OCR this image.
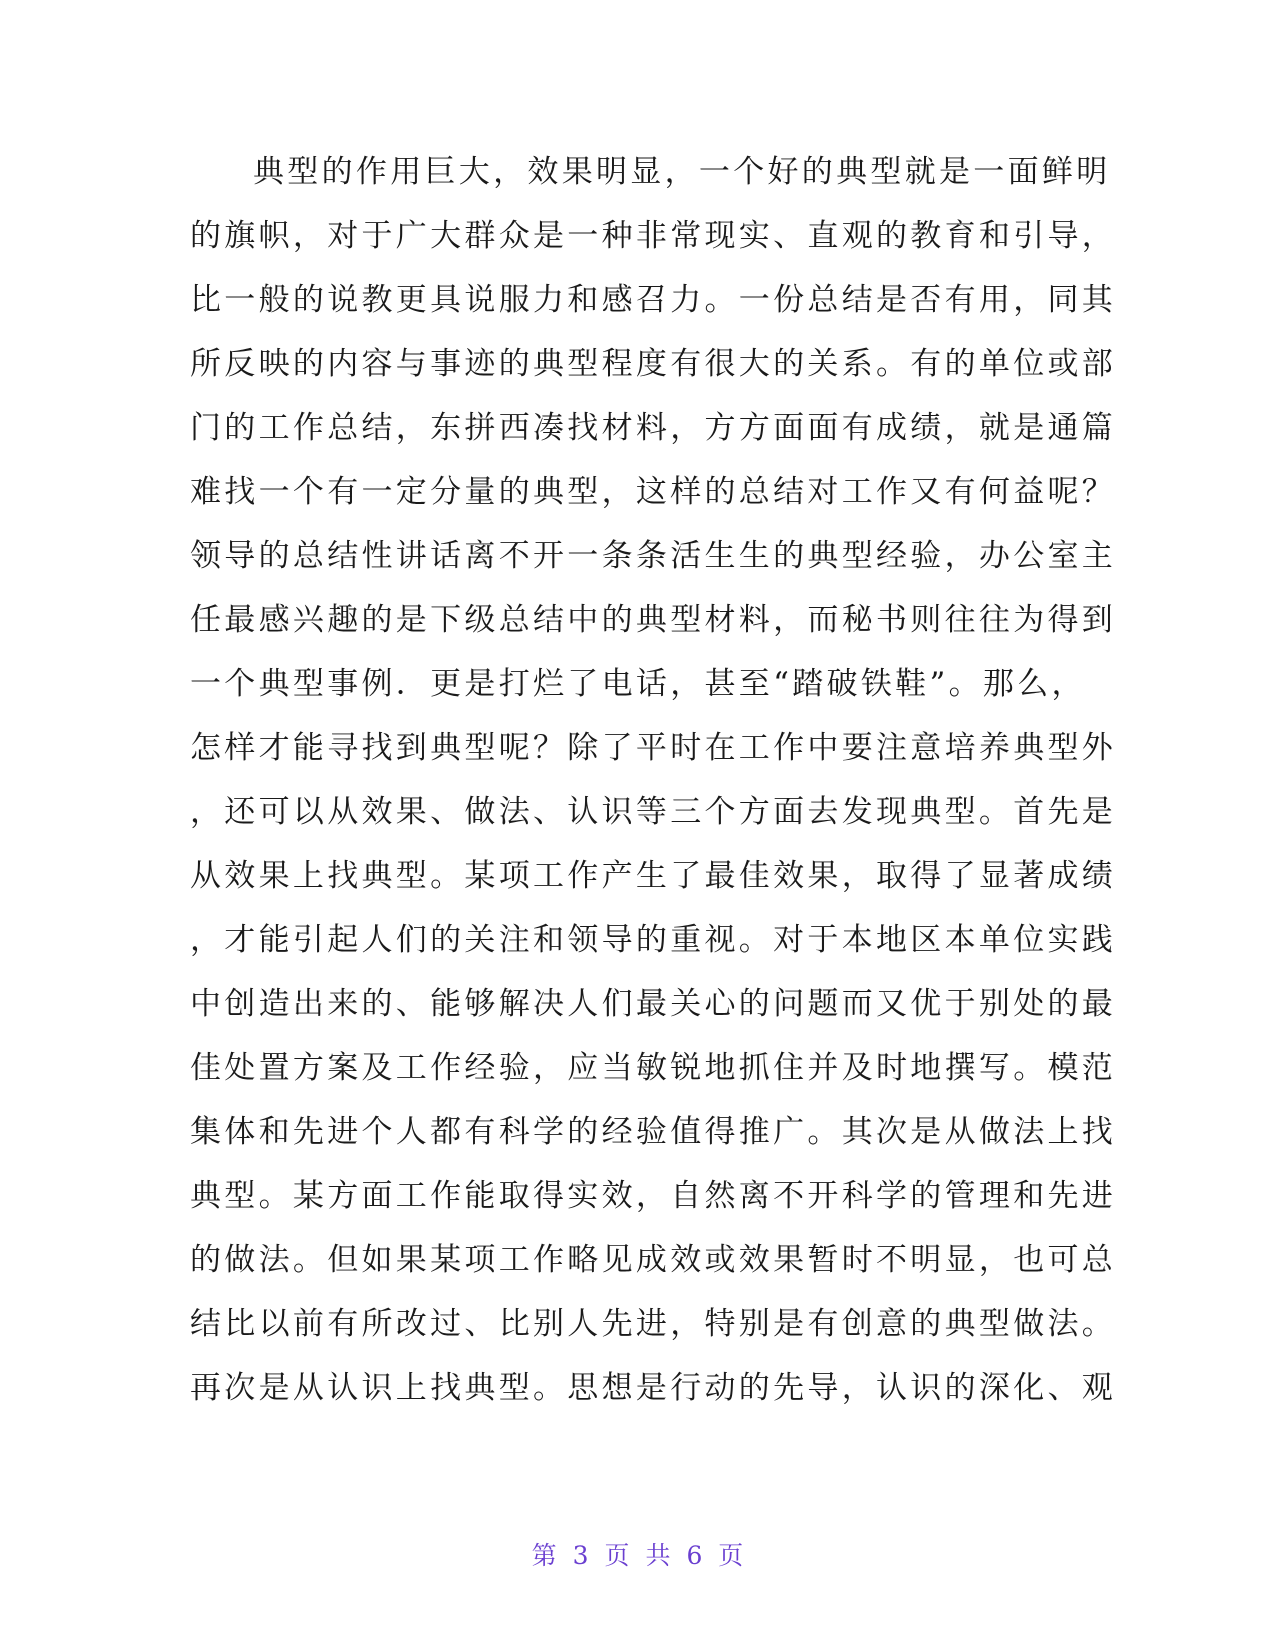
典型的作用巨大，效果明显，一个好的典型就是一面鲜明
的旗帜，对于广大群众是一种非常现实、直观的教育和引导，
比一般的说教更具说服力和感召力。一份总结是否有用，同其
所反映的内容与事迹的典型程度有很大的关系。有的单位或部
门的工作总结，东拼西凑找材料，方方面面有成绩，就是通篇
难找一个有一定分量的典型，这样的总结对工作又有何益呢？
领导的总结性讲话离不开一条条活生生的典型经验，办公室主
任最感兴趣的是下级总结中的典型材料，而秘书则往往为得到
一个典型事例．更是打烂了电话，甚至“踏破铁鞋”。那么，
怎样才能寻找到典型呢？除了平时在工作中要注意培养典型外
，还可以从效果、做法、认识等三个方面去发现典型。首先是
从效果上找典型。某项工作产生了最佳效果，取得了显著成绩
，才能引起人们的关注和领导的重视。对于本地区本单位实践
中创造出来的、能够解决人们最关心的问题而又优于别处的最
佳处置方案及工作经验，应当敏锐地抓住并及时地撰写。模范
集体和先进个人都有科学的经验值得推广。其次是从做法上找
典型。某方面工作能取得实效，自然离不开科学的管理和先进
的做法。但如果某项工作略见成效或效果暂时不明显，也可总
结比以前有所改过、比别人先进，特别是有创意的典型做法。
再次是从认识上找典型。思想是行动的先导，认识的深化、观
第 3 页 共 6 页
